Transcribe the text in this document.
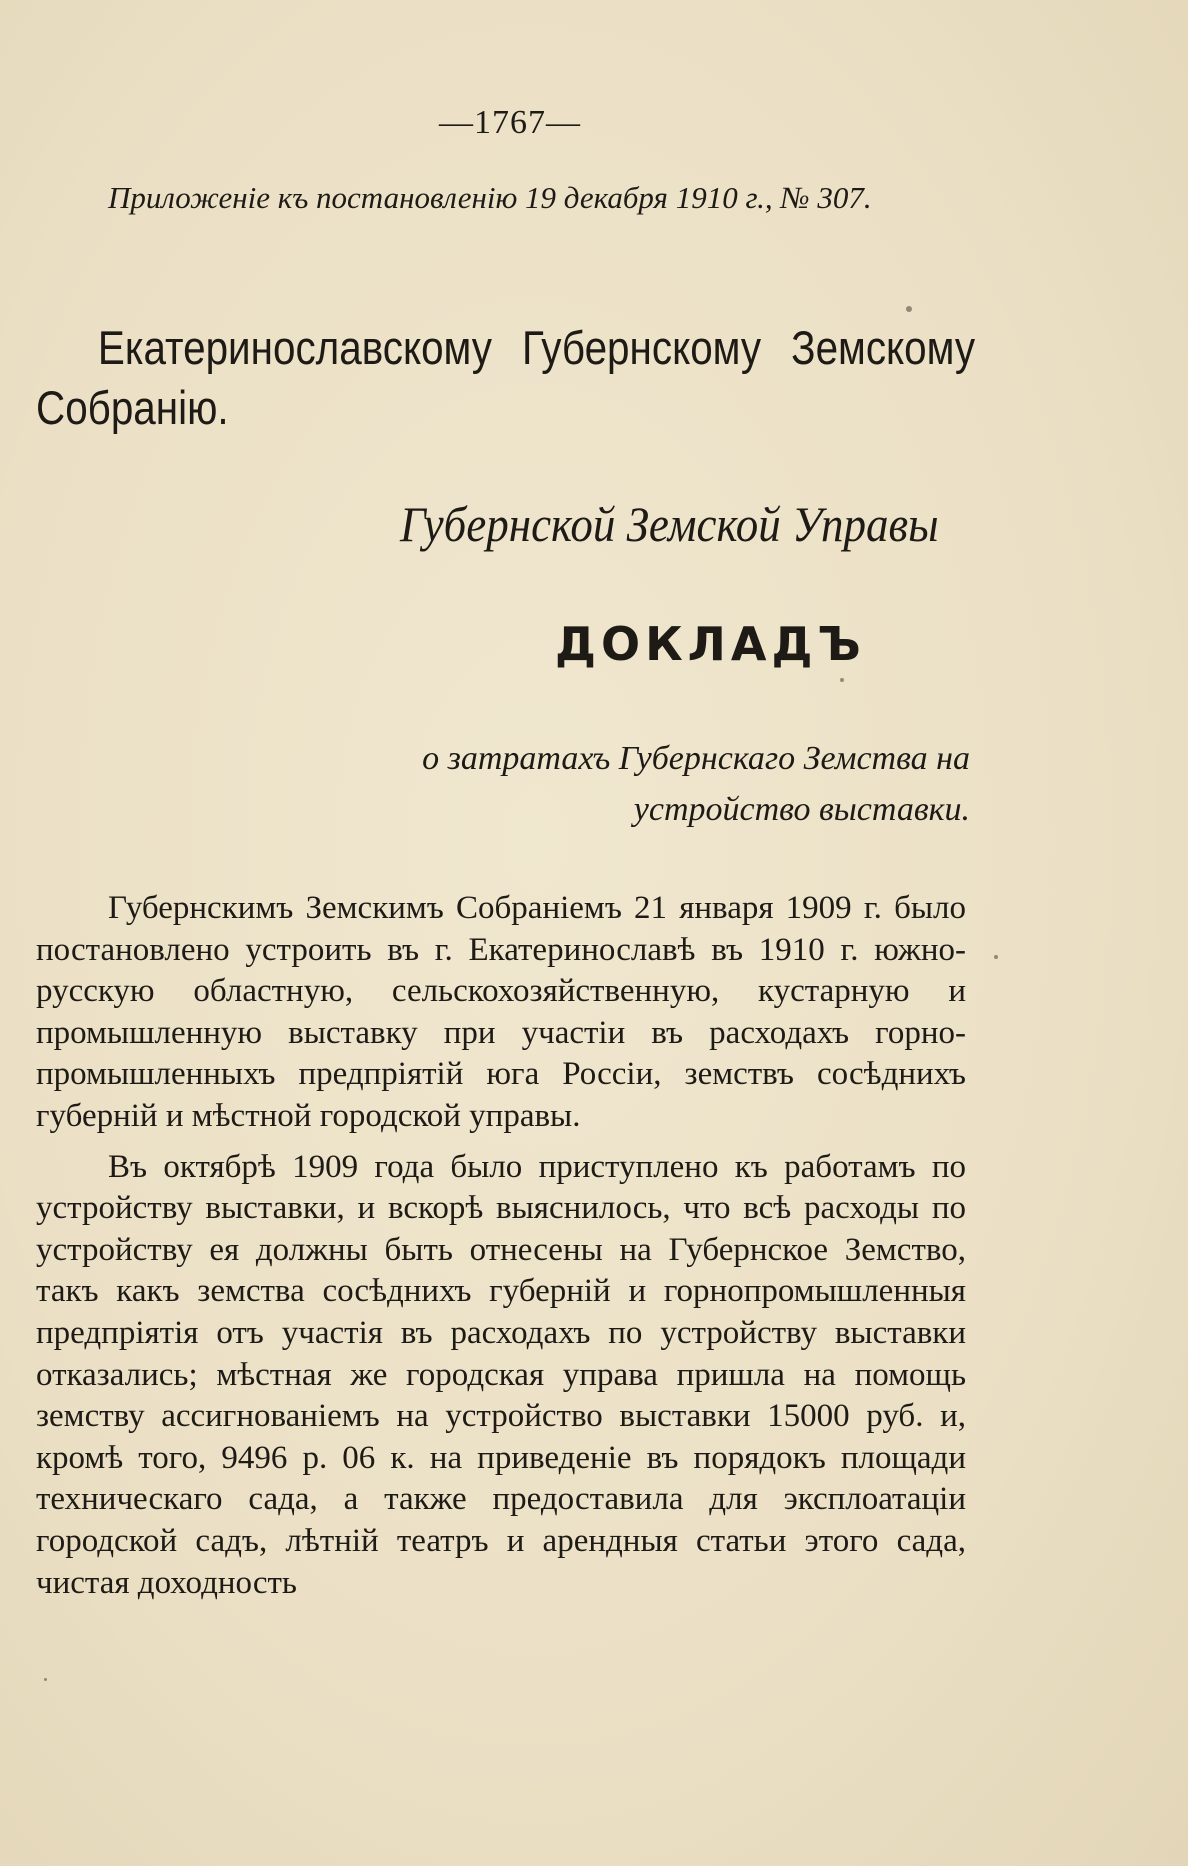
—1767—
Приложеніе къ постановленію 19 декабря 1910 г., № 307.
Екатеринославскому Губернскому Земскому Собранію.
Губернской Земской Управы
ДОКЛАДЪ
о затратахъ Губернскаго Земства на устройство выставки.

Губернскимъ Земскимъ Собраніемъ 21 января 1909 г. было постановлено устроить въ г. Екатеринославѣ въ 1910 г. южно-русскую областную, сельскохозяйственную, кустарную и промышленную выставку при участіи въ расходахъ горно-промышленныхъ предпріятій юга Россіи, земствъ сосѣднихъ губерній и мѣстной городской управы.

Въ октябрѣ 1909 года было приступлено къ работамъ по устройству выставки, и вскорѣ выяснилось, что всѣ расходы по устройству ея должны быть отнесены на Губернское Земство, такъ какъ земства сосѣднихъ губерній и горнопромышленныя предпріятія отъ участія въ расходахъ по устройству выставки отказались; мѣстная же городская управа пришла на помощь земству ассигнованіемъ на устройство выставки 15000 руб. и, кромѣ того, 9496 р. 06 к. на приведеніе въ порядокъ площади техническаго сада, а также предоставила для эксплоатаціи городской садъ, лѣтній театръ и арендныя статьи этого сада, чистая доходность
